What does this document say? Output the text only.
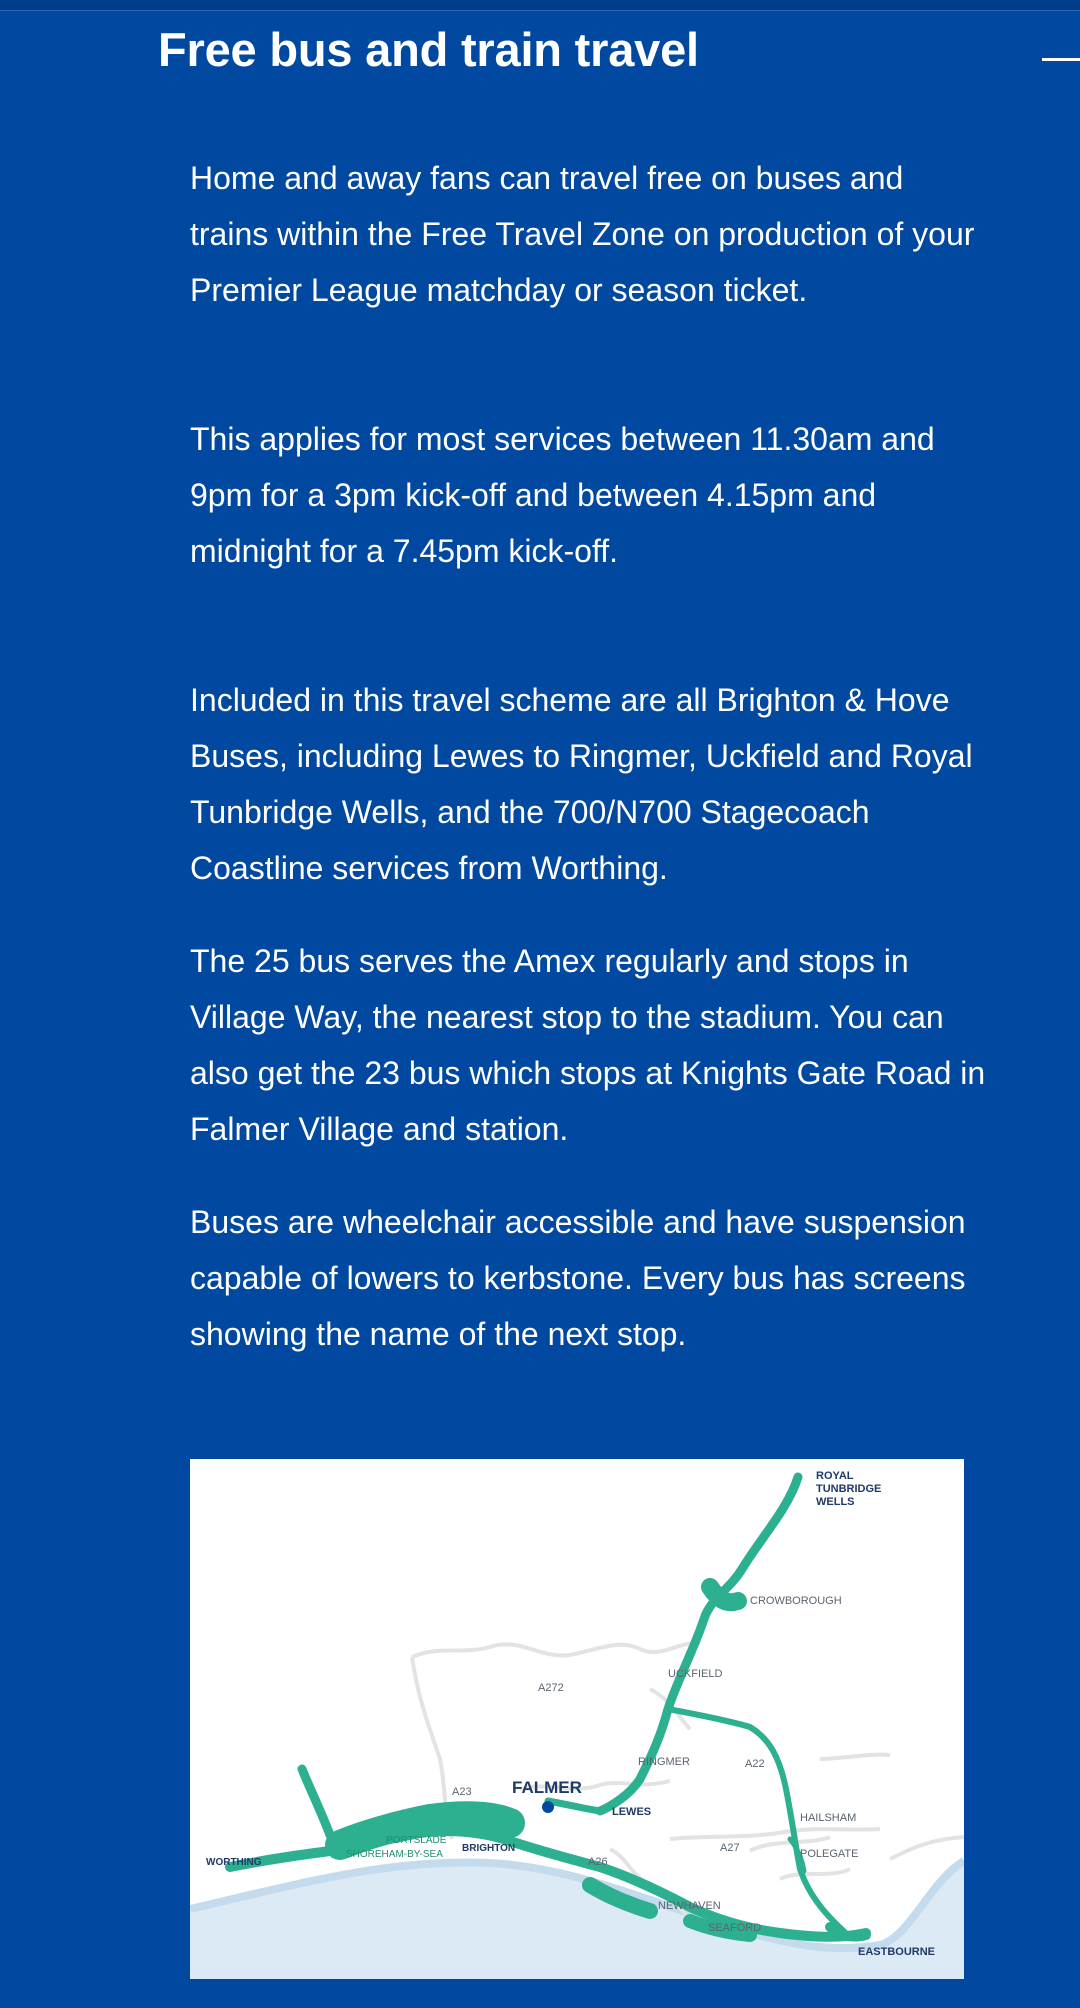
Free bus and train travel

Home and away fans can travel free on buses and trains within the Free Travel Zone on production of your Premier League matchday or season ticket.

This applies for most services between 11.30am and 9pm for a 3pm kick-off and between 4.15pm and midnight for a 7.45pm kick-off.

Included in this travel scheme are all Brighton & Hove Buses, including Lewes to Ringmer, Uckfield and Royal Tunbridge Wells, and the 700/N700 Stagecoach Coastline services from Worthing.

The 25 bus serves the Amex regularly and stops in Village Way, the nearest stop to the stadium. You can also get the 23 bus which stops at Knights Gate Road in Falmer Village and station.

Buses are wheelchair accessible and have suspension capable of lowers to kerbstone. Every bus has screens showing the name of the next stop.

ROYAL
TUNBRIDGE
WELLS
CROWBOROUGH
UCKFIELD
A272
RINGMER	A22
FALMER
A23
LEWES	HAILSHAM
PORTSLADE
SHOREHAM-BY-SEA
BRIGHTON	A27	POLEGATE
WORTHING	A26
NEWHAVEN
SEAFORD
EASTBOURNE
